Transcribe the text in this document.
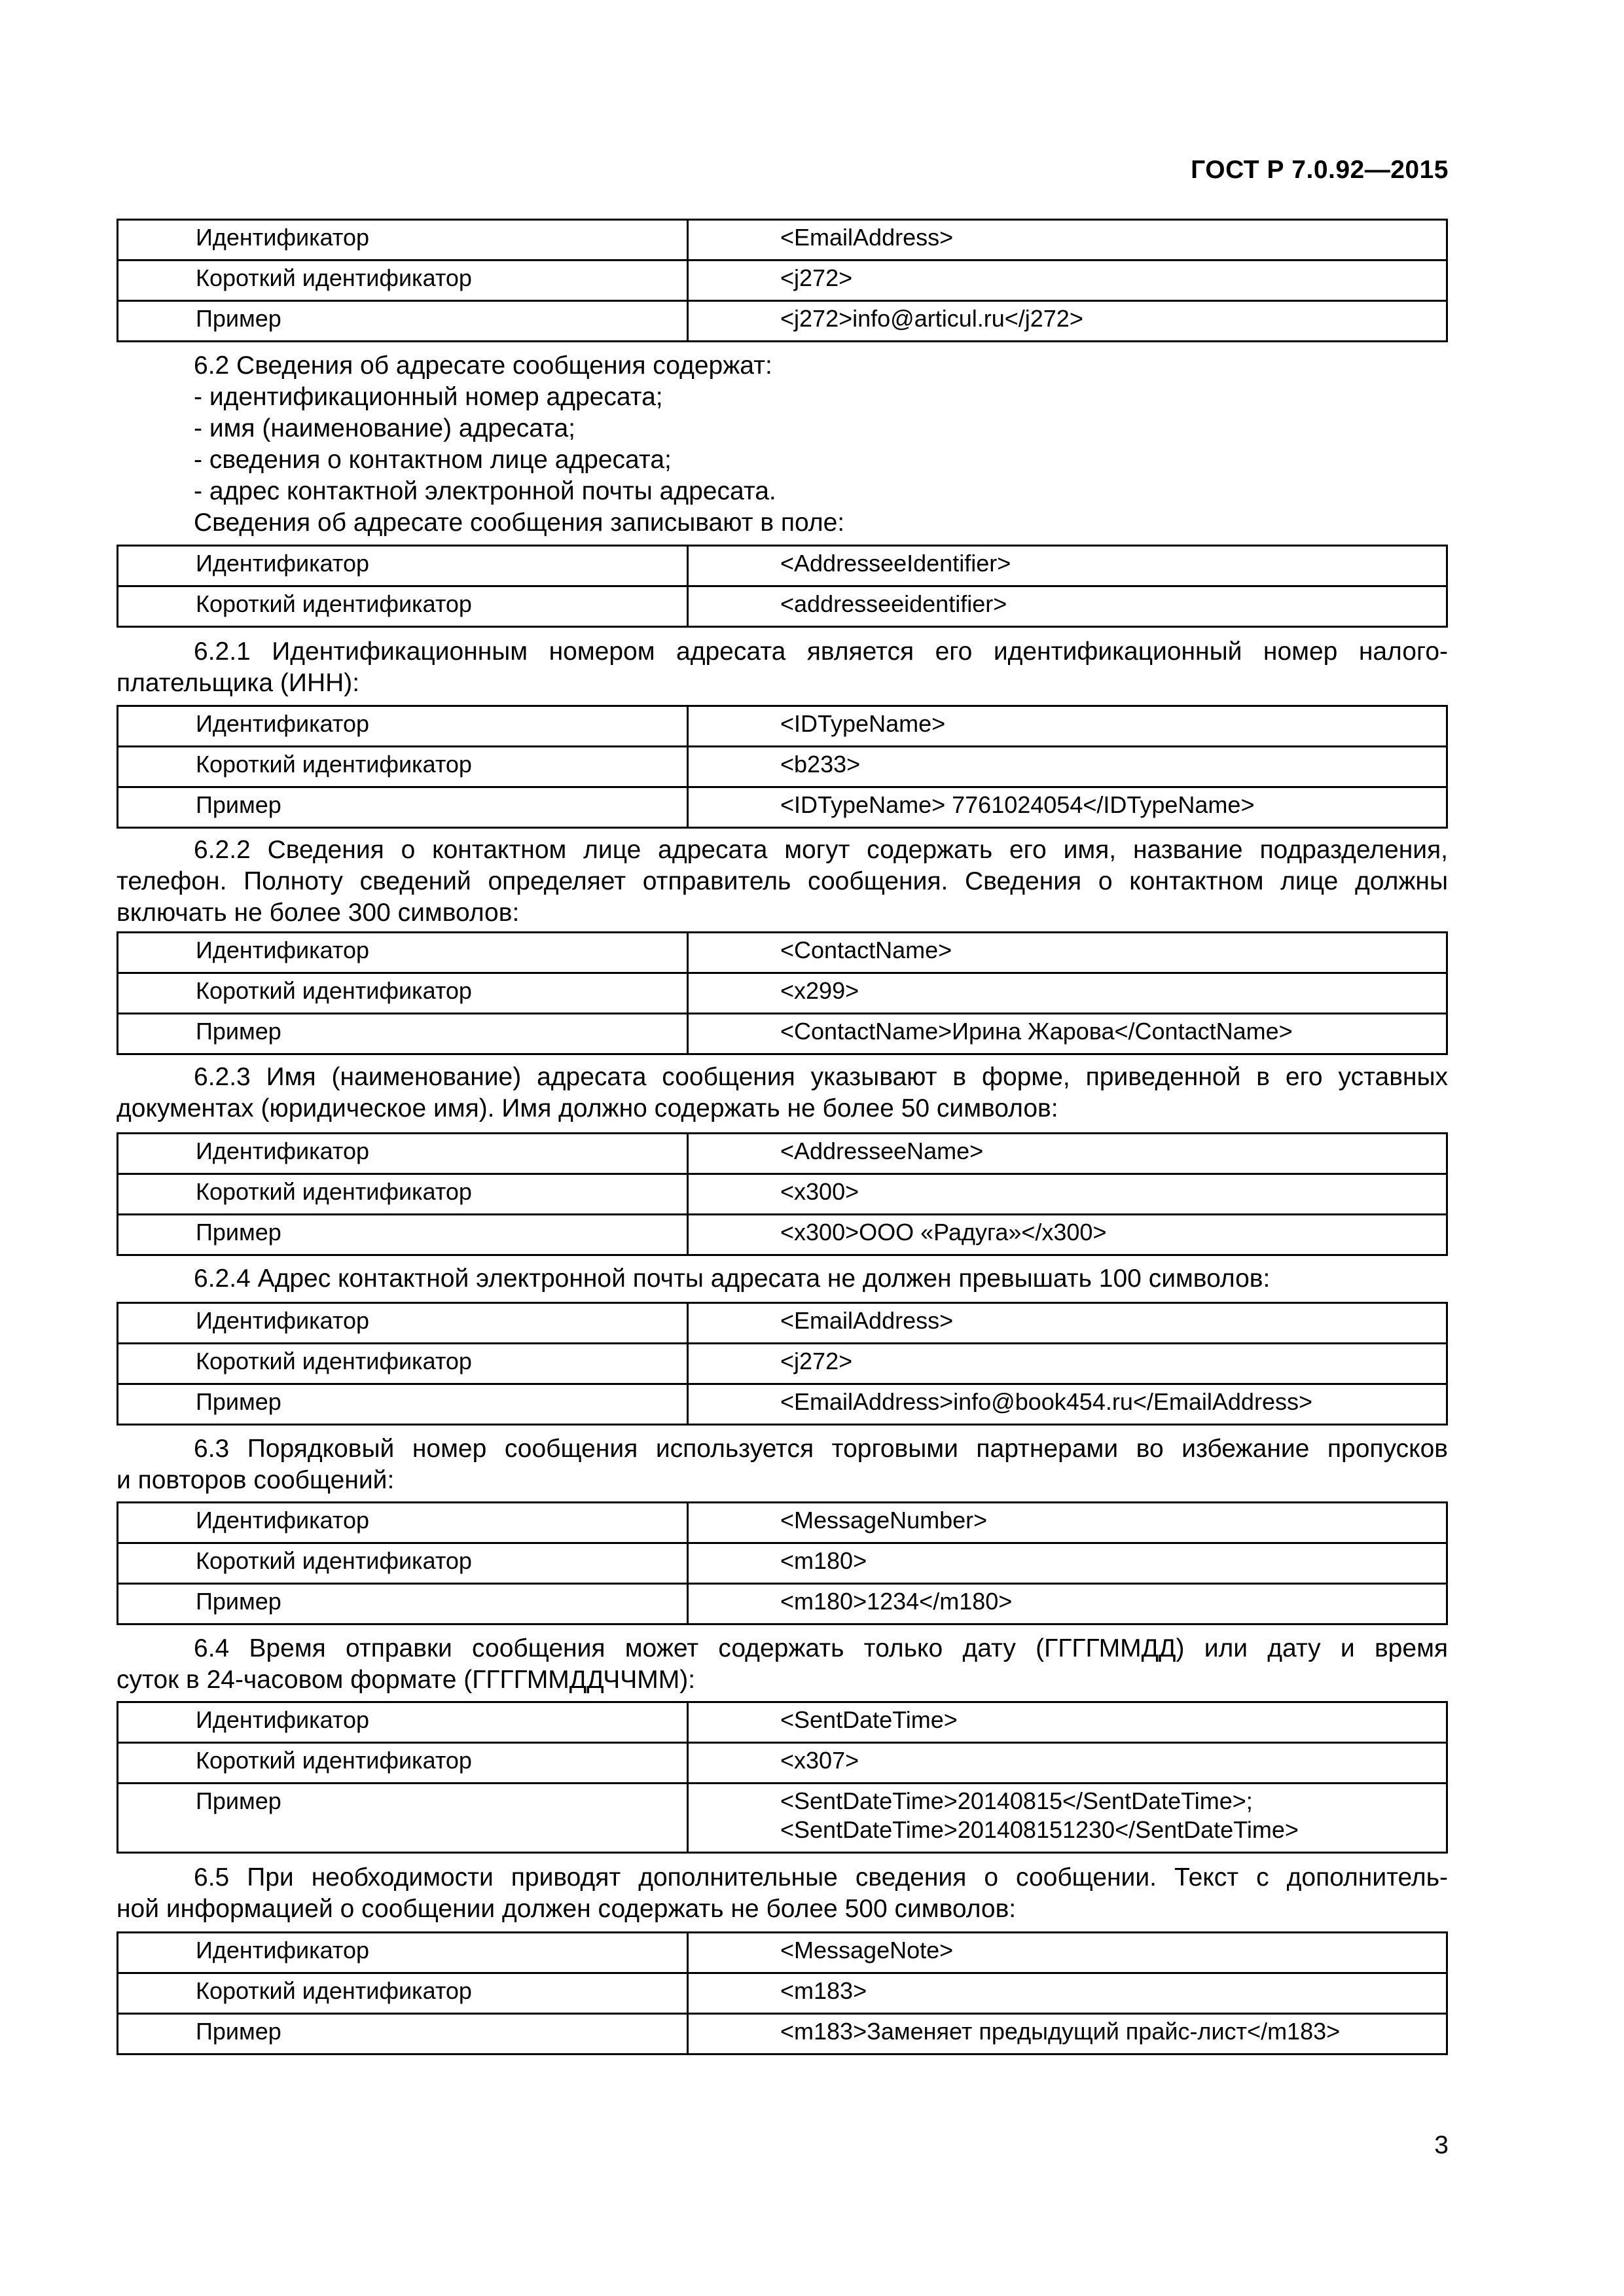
ГОСТ Р 7.0.92—2015
Идентификатор	<EmailAddress>

Короткий идентификатор	<j272>

Пример	<j272>info@articul.ru</j272>
6.2 Сведения об адресате сообщения содержат:
- идентификационный номер адресата;
- имя (наименование) адресата;
- сведения о контактном лице адресата;
- адрес контактной электронной почты адресата.
Сведения об адресате сообщения записывают в поле:
Идентификатор	<AddresseeIdentifier>

Короткий идентификатор	<addresseeidentifier>
6.2.1 Идентификационным номером адресата является его идентификационный номер налого-
плательщика (ИНН):
Идентификатор	<IDTypeName>

Короткий идентификатор	<b233>

Пример	<IDTypeName> 7761024054</IDTypeName>
6.2.2 Сведения о контактном лице адресата могут содержать его имя, название подразделения,
телефон. Полноту сведений определяет отправитель сообщения. Сведения о контактном лице должны
включать не более 300 символов:
Идентификатор	<ContactName>

Короткий идентификатор	<x299>

Пример	<ContactName>Ирина Жарова</ContactName>
6.2.3 Имя (наименование) адресата сообщения указывают в форме, приведенной в его уставных
документах (юридическое имя). Имя должно содержать не более 50 символов:
Идентификатор	<AddresseeName>

Короткий идентификатор	<x300>

Пример	<x300>ООО «Радуга»</x300>
6.2.4 Адрес контактной электронной почты адресата не должен превышать 100 символов:
Идентификатор	<EmailAddress>

Короткий идентификатор	<j272>

Пример	<EmailAddress>info@book454.ru</EmailAddress>
6.3 Порядковый номер сообщения используется торговыми партнерами во избежание пропусков
и повторов сообщений:
Идентификатор	<MessageNumber>

Короткий идентификатор	<m180>

Пример	<m180>1234</m180>
6.4 Время отправки сообщения может содержать только дату (ГГГГММДД) или дату и время
суток в 24-часовом формате (ГГГГММДДЧЧММ):
Идентификатор	<SentDateTime>

Короткий идентификатор	<x307>

Пример	<SentDateTime>20140815</SentDateTime>;
<SentDateTime>201408151230</SentDateTime>
6.5 При необходимости приводят дополнительные сведения о сообщении. Текст с дополнитель-
ной информацией о сообщении должен содержать не более 500 символов:
Идентификатор	<MessageNote>

Короткий идентификатор	<m183>

Пример	<m183>Заменяет предыдущий прайс-лист</m183>
3
